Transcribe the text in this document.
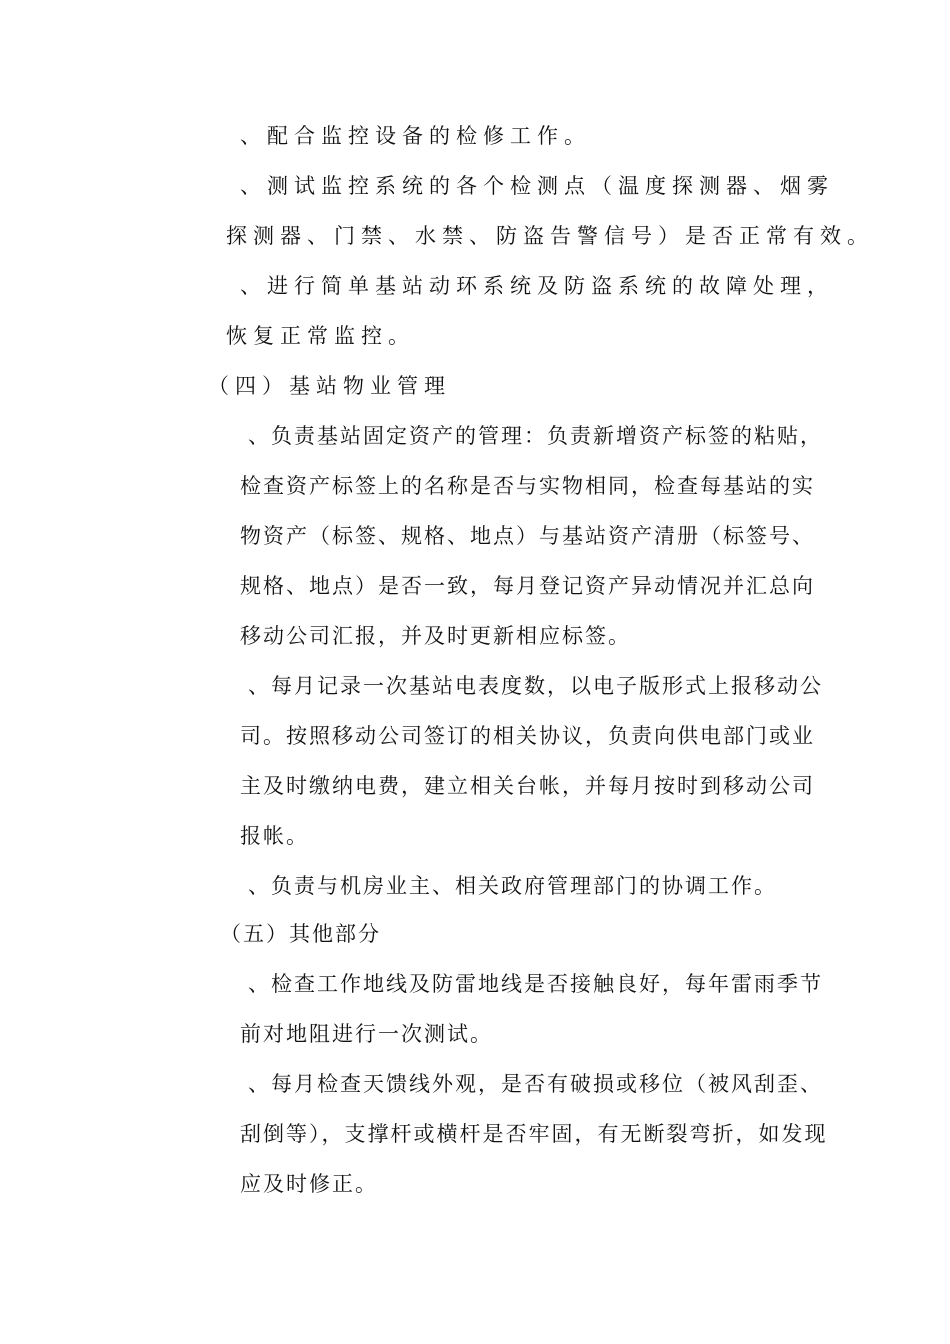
、配合监控设备的检修工作。
、测试监控系统的各个检测点（温度探测器、烟雾
探测器、门禁、水禁、防盗告警信号）是否正常有效。
、进行简单基站动环系统及防盗系统的故障处理，
恢复正常监控。
（四）基站物业管理
、负责基站固定资产的管理：负责新增资产标签的粘贴，
检查资产标签上的名称是否与实物相同，检查每基站的实
物资产（标签、规格、地点）与基站资产清册（标签号、
规格、地点）是否一致，每月登记资产异动情况并汇总向
移动公司汇报，并及时更新相应标签。
、每月记录一次基站电表度数，以电子版形式上报移动公
司。按照移动公司签订的相关协议，负责向供电部门或业
主及时缴纳电费，建立相关台帐，并每月按时到移动公司
报帐。
、负责与机房业主、相关政府管理部门的协调工作。
（五）其他部分
、检查工作地线及防雷地线是否接触良好，每年雷雨季节
前对地阻进行一次测试。
、每月检查天馈线外观，是否有破损或移位（被风刮歪、
刮倒等），支撑杆或横杆是否牢固，有无断裂弯折，如发现
应及时修正。
